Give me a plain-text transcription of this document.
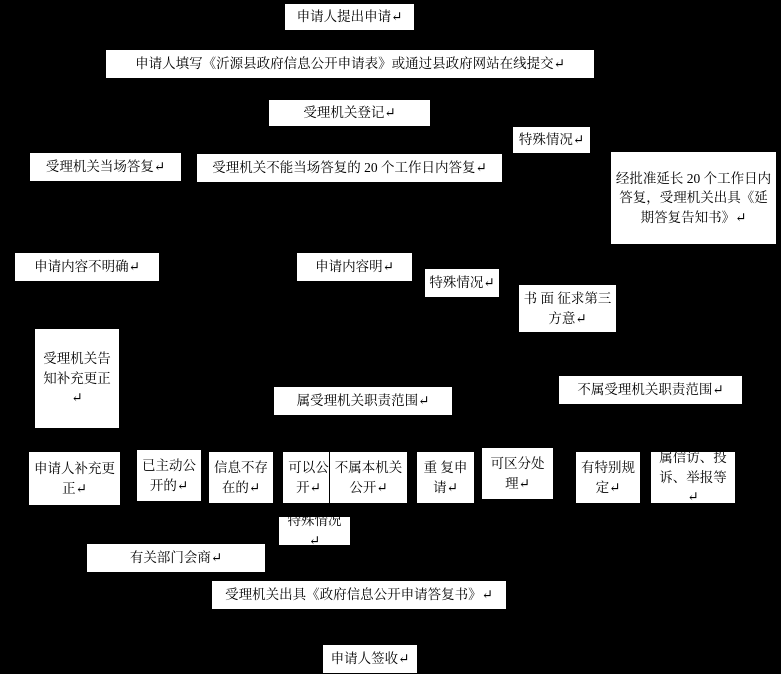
申请人提出申请↵
申请人填写《沂源县政府信息公开申请表》或通过县政府网站在线提交↵
受理机关登记↵
特殊情况↵
受理机关当场答复↵	受理机关不能当场答复的 20 个工作日内答复↵
经批准延长 20 个工作日内答复，受理机关出具《延期答复告知书》↵
申请内容不明确↵	申请内容明↵
特殊情况↵
书 面 征求第三方意↵
受理机关告知补充更正↵	属受理机关职责范围↵
不属受理机关职责范围↵
申请人补充更正↵
已主动公开的↵
信息不存在的↵
可以公开↵
不属本机关公开↵
重 复申请↵
可区分处理↵
有特别规定↵
属信访、投诉、举报等↵
特殊情况↵
有关部门会商↵
受理机关出具《政府信息公开申请答复书》↵
申请人签收↵
